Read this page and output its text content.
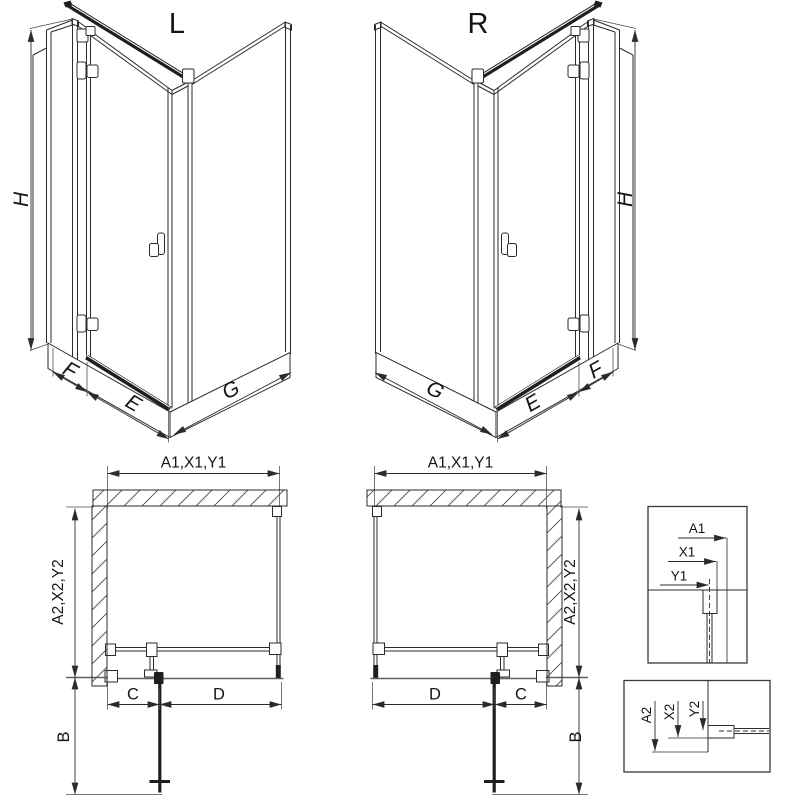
L	R
H	H
F
E	G
F
E
G
A1,X1,Y1	A1,X1,Y1
A2,X2,Y2	A2,X2,Y2
B	B
C	D	D	C
A1
X1
Y1
A2 X2 Y2
